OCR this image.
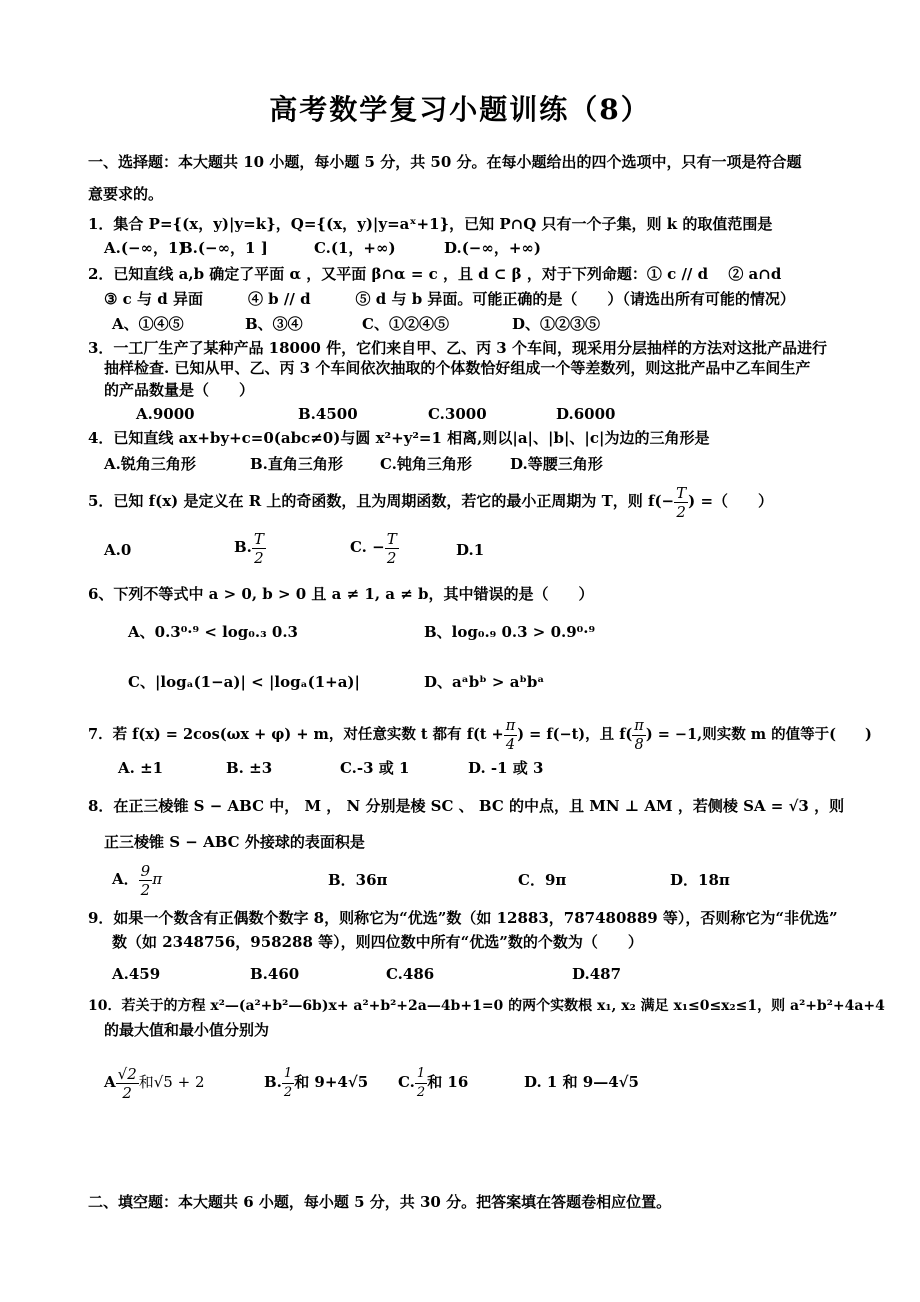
高考数学复习小题训练（8）
一、选择题：本大题共 10 小题，每小题 5 分，共 50 分。在每小题给出的四个选项中，只有一项是符合题
意要求的。
1．集合 P={(x，y)|y=k}，Q={(x，y)|y=aˣ+1}，已知 P∩Q 只有一个子集，则 k 的取值范围是
A.(−∞，1)
B.(−∞，1 ]	C.(1，+∞)	D.(−∞，+∞)
2．已知直线 a,b 确定了平面 α ，又平面 β∩α = c ，且 d ⊂ β ，对于下列命题：① c // d　 ② a∩d
③ c 与 d 异面　　　④ b // d　　　⑤ d 与 b 异面。可能正确的是（　　）（请选出所有可能的情况）
A、①④⑤	B、③④	C、①②④⑤	D、①②③⑤
3．一工厂生产了某种产品 18000 件，它们来自甲、乙、丙 3 个车间，现采用分层抽样的方法对这批产品进行
抽样检查. 已知从甲、乙、丙 3 个车间依次抽取的个体数恰好组成一个等差数列，则这批产品中乙车间生产
的产品数量是（　　）
A.9000	B.4500	C.3000	D.6000
4．已知直线 ax+by+c=0(abc≠0)与圆 x²+y²=1 相离,则以|a|、|b|、|c|为边的三角形是
A.锐角三角形	B.直角三角形 C.钝角三角形	D.等腰三角形
5．已知 f(x) 是定义在 R 上的奇函数，且为周期函数，若它的最小正周期为 T，则 $f(- \frac{T}{2}$ ) =（　　）
A.0	B. $\frac{T}{2}$	C. − $\frac{T}{2}$	D.1
6、下列不等式中 a > 0, b > 0 且 a ≠ 1, a ≠ b，其中错误的是（　　）
A、0.3⁰·⁹ < log₀.₃ 0.3	B、log₀.₉ 0.3 > 0.9⁰·⁹
C、|logₐ(1−a)| < |logₐ(1+a)|	D、aᵃbᵇ > aᵇbᵃ
7．若 f(x) = 2cos(ωx + φ) + m，对任意实数 t 都有 $f(t + \frac{\pi}{4}$ ) = f(−t)，且 $f( \frac{\pi}{8}$ ) = −1,则实数 m 的值等于(　　)
A. ±1	B. ±3	C.-3 或 1	D. -1 或 3
8．在正三棱锥 S − ABC 中， M ， N 分别是棱 SC 、 BC 的中点，且 MN ⊥ AM ，若侧棱 SA = √3 ，则
正三棱锥 S − ABC 外接球的表面积是
A． $\frac{9}{2}$ π	B．36π	C．9π	D．18π
9．如果一个数含有正偶数个数字 8，则称它为“优选”数（如 12883，787480889 等），否则称它为“非优选”
数（如 2348756，958288 等），则四位数中所有“优选”数的个数为（　　）
A.459	B.460	C.486	D.487
10．若关于的方程 x²—(a²+b²—6b)x+ a²+b²+2a—4b+1=0 的两个实数根 x₁, x₂ 满足 x₁≤0≤x₂≤1，则 a²+b²+4a+4
的最大值和最小值分别为
A $\frac{√2}{2}$ 和√5 + 2	B. $\frac{1}{2}$ 和 9+4√5 C. $\frac{1}{2}$ 和 16	D. 1 和 9—4√5
二、填空题：本大题共 6 小题，每小题 5 分，共 30 分。把答案填在答题卷相应位置。
